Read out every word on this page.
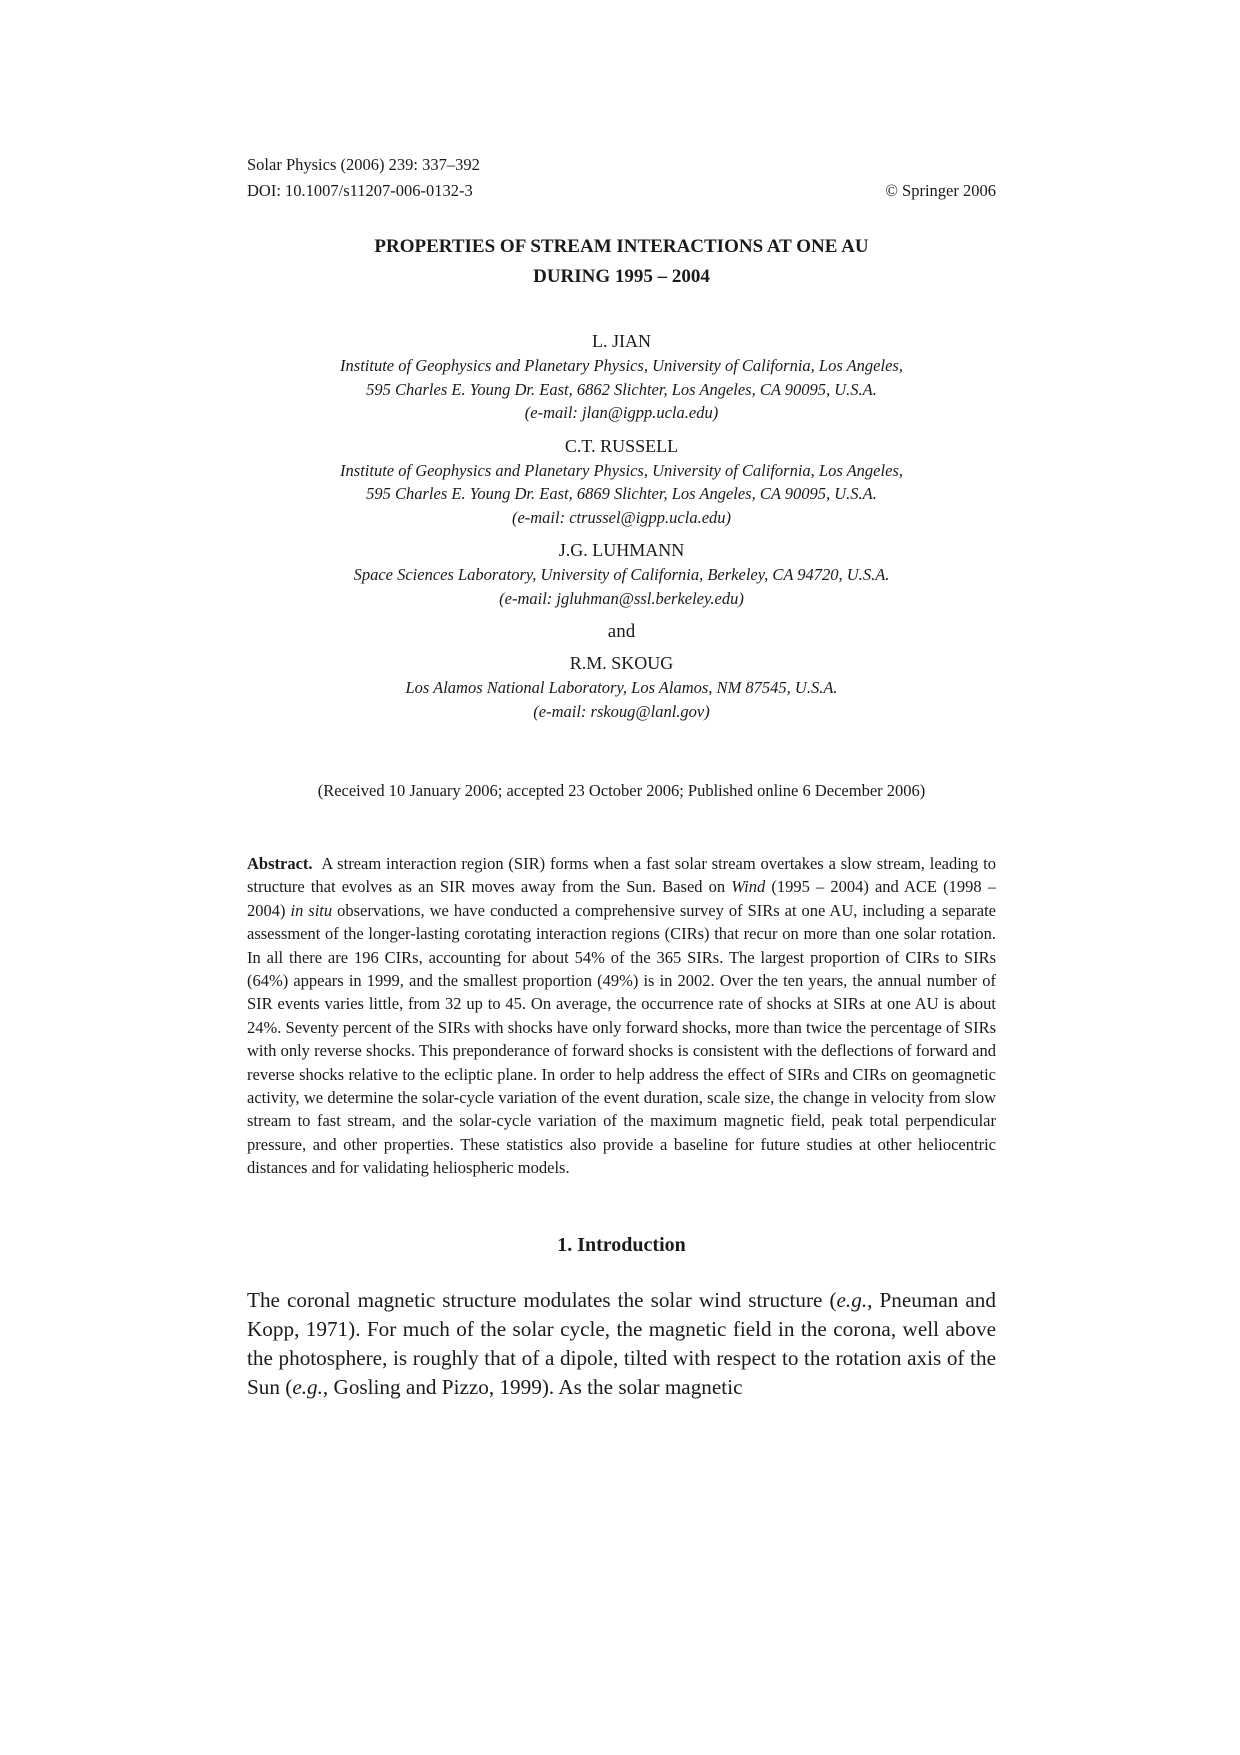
Solar Physics (2006) 239: 337–392
DOI: 10.1007/s11207-006-0132-3	© Springer 2006
PROPERTIES OF STREAM INTERACTIONS AT ONE AU
DURING 1995 – 2004
L. JIAN
Institute of Geophysics and Planetary Physics, University of California, Los Angeles,
595 Charles E. Young Dr. East, 6862 Slichter, Los Angeles, CA 90095, U.S.A.
(e-mail: jlan@igpp.ucla.edu)
C.T. RUSSELL
Institute of Geophysics and Planetary Physics, University of California, Los Angeles,
595 Charles E. Young Dr. East, 6869 Slichter, Los Angeles, CA 90095, U.S.A.
(e-mail: ctrussel@igpp.ucla.edu)
J.G. LUHMANN
Space Sciences Laboratory, University of California, Berkeley, CA 94720, U.S.A.
(e-mail: jgluhman@ssl.berkeley.edu)
and
R.M. SKOUG
Los Alamos National Laboratory, Los Alamos, NM 87545, U.S.A.
(e-mail: rskoug@lanl.gov)
(Received 10 January 2006; accepted 23 October 2006; Published online 6 December 2006)
Abstract. A stream interaction region (SIR) forms when a fast solar stream overtakes a slow stream, leading to structure that evolves as an SIR moves away from the Sun. Based on Wind (1995 – 2004) and ACE (1998 – 2004) in situ observations, we have conducted a comprehensive survey of SIRs at one AU, including a separate assessment of the longer-lasting corotating interaction regions (CIRs) that recur on more than one solar rotation. In all there are 196 CIRs, accounting for about 54% of the 365 SIRs. The largest proportion of CIRs to SIRs (64%) appears in 1999, and the smallest proportion (49%) is in 2002. Over the ten years, the annual number of SIR events varies little, from 32 up to 45. On average, the occurrence rate of shocks at SIRs at one AU is about 24%. Seventy percent of the SIRs with shocks have only forward shocks, more than twice the percentage of SIRs with only reverse shocks. This preponderance of forward shocks is consistent with the deflections of forward and reverse shocks relative to the ecliptic plane. In order to help address the effect of SIRs and CIRs on geomagnetic activity, we determine the solar-cycle variation of the event duration, scale size, the change in velocity from slow stream to fast stream, and the solar-cycle variation of the maximum magnetic field, peak total perpendicular pressure, and other properties. These statistics also provide a baseline for future studies at other heliocentric distances and for validating heliospheric models.
1. Introduction
The coronal magnetic structure modulates the solar wind structure (e.g., Pneuman and Kopp, 1971). For much of the solar cycle, the magnetic field in the corona, well above the photosphere, is roughly that of a dipole, tilted with respect to the rotation axis of the Sun (e.g., Gosling and Pizzo, 1999). As the solar magnetic
